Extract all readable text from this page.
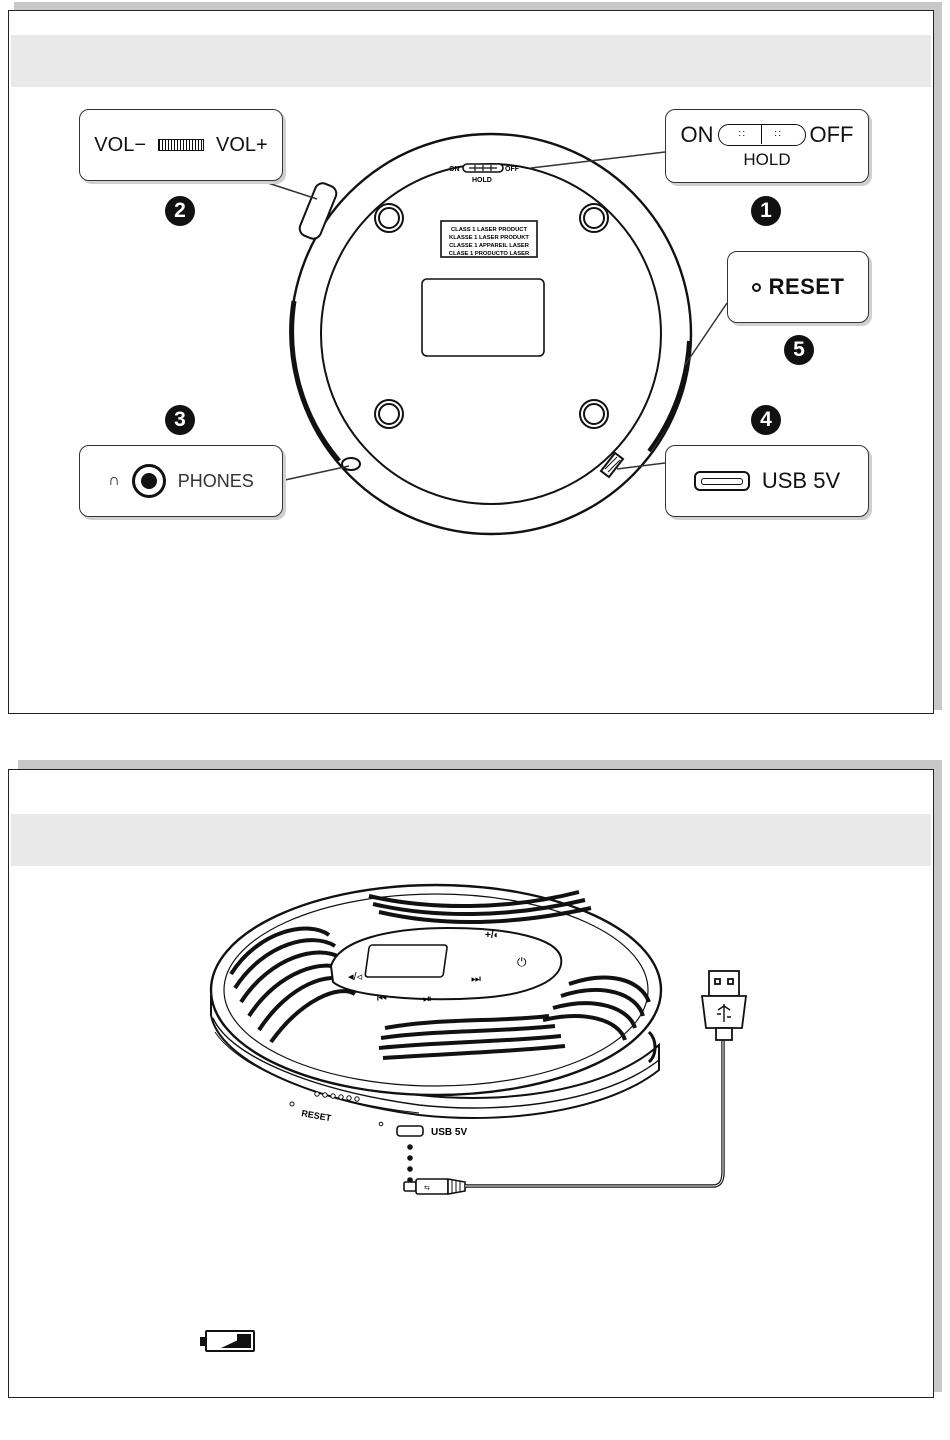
CLASS 1 LASER PRODUCT
KLASSE 1 LASER PRODUKT
CLASSE 1 APPAREIL LASER
CLASE 1 PRODUCTO LASER
ON	OFF
HOLD
VOL−	VOL+	ON	∷	∷ OFF
HOLD
RESET
∩	PHONES	USB 5V
1
2
3	4
5
+/◐
⏻
◂/◃	⏭
⏮	⏯
RESET
USB 5V
⇆
